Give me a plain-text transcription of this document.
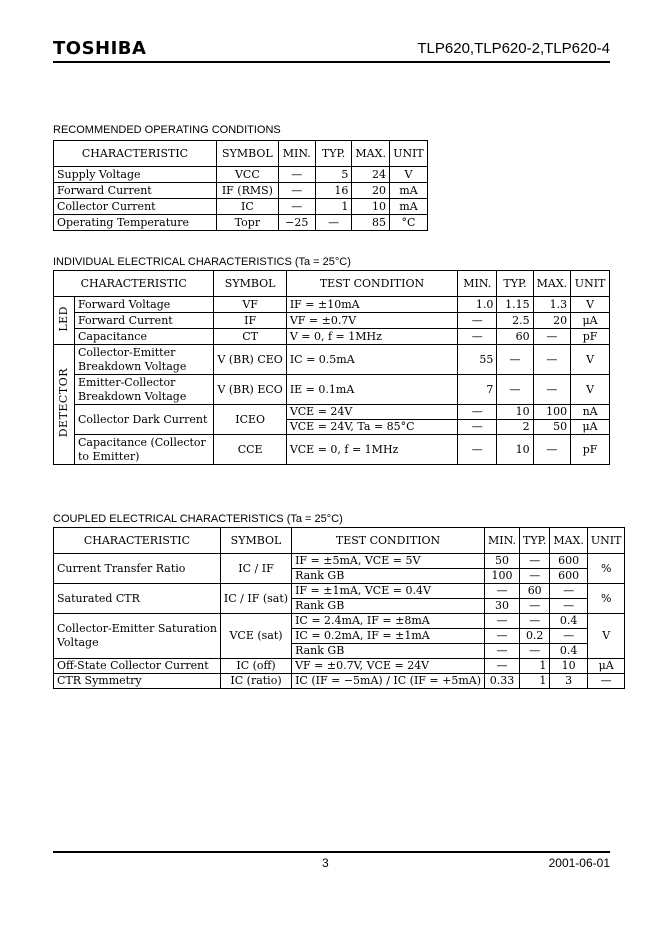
TOSHIBA	TLP620,TLP620-2,TLP620-4
RECOMMENDED OPERATING CONDITIONS
CHARACTERISTIC	SYMBOL	MIN.	TYP.	MAX.	UNIT
Supply Voltage	VCC	—	5	24	V
Forward Current	IF (RMS)	—	16	20	mA
Collector Current	IC	—	1	10	mA
Operating Temperature	Topr	−25	—	85	°C
INDIVIDUAL ELECTRICAL CHARACTERISTICS (Ta = 25°C)
CHARACTERISTIC		SYMBOL	TEST CONDITION	MIN.	TYP.	MAX.	UNIT
LED	Forward Voltage	VF	IF = ±10mA	1.0	1.15	1.3	V
	Forward Current	IF	VF = ±0.7V	—	2.5	20	μA
	Capacitance	CT	V = 0, f = 1MHz	—	60	—	pF
DETECTOR	Collector-Emitter
Breakdown Voltage	V (BR) CEO	IC = 0.5mA	55	—	—	V
	Emitter-Collector
Breakdown Voltage	V (BR) ECO	IE = 0.1mA	7	—	—	V
	Collector Dark Current	ICEO	VCE = 24V	—	10	100	nA
			VCE = 24V, Ta = 85°C	—	2	50	μA
	Capacitance (Collector
to Emitter)	CCE	VCE = 0, f = 1MHz	—	10	—	pF
COUPLED ELECTRICAL CHARACTERISTICS (Ta = 25°C)
CHARACTERISTIC	SYMBOL	TEST CONDITION	MIN.	TYP.	MAX.	UNIT
Current Transfer Ratio	IC / IF	IF = ±5mA, VCE = 5V	50	—	600	%
		Rank GB	100	—	600	
Saturated CTR	IC / IF (sat)	IF = ±1mA, VCE = 0.4V	—	60	—	%
		Rank GB	30	—	—	
Collector-Emitter Saturation
Voltage	VCE (sat)	IC = 2.4mA, IF = ±8mA	—	—	0.4	V
		IC = 0.2mA, IF = ±1mA	—	0.2	—	
		Rank GB	—	—	0.4	
Off-State Collector Current	IC (off)	VF = ±0.7V, VCE = 24V	—	1	10	μA
CTR Symmetry	IC (ratio)	IC (IF = −5mA) / IC (IF = +5mA)	0.33	1	3	—
3	2001-06-01
